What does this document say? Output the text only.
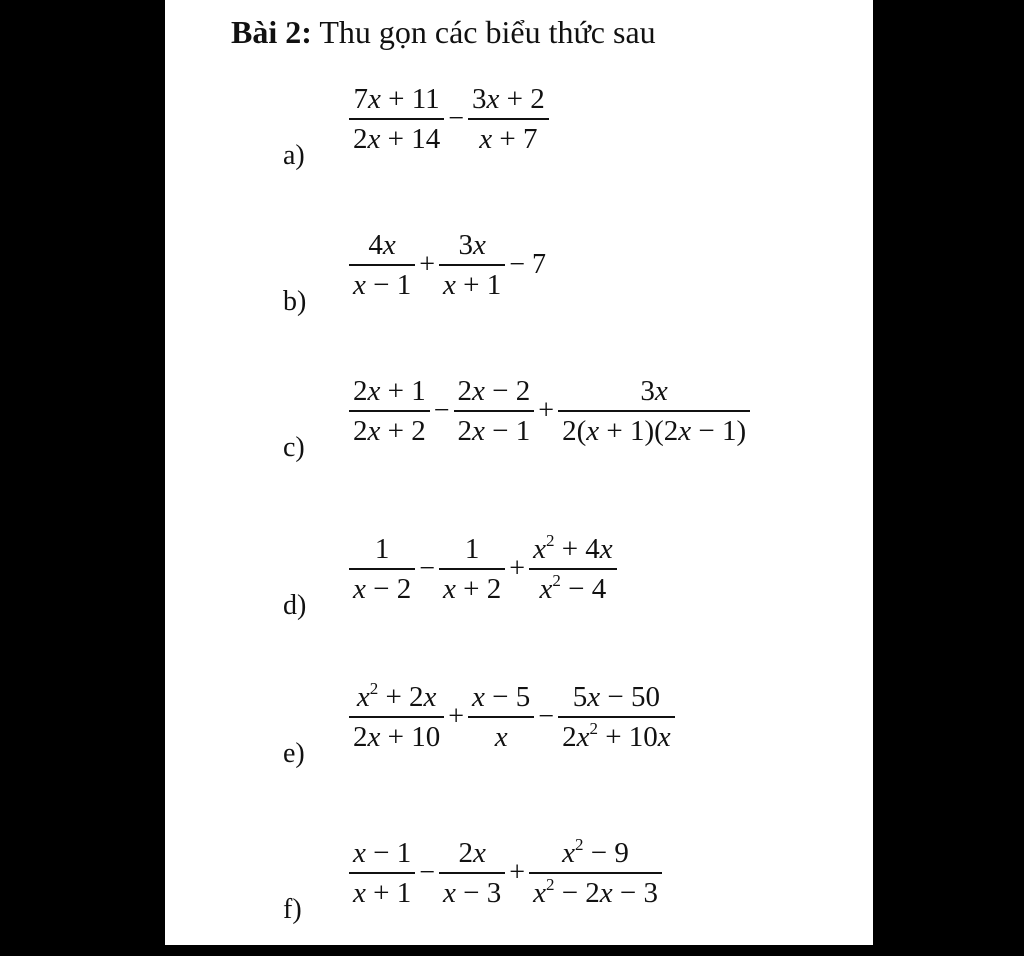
Bài 2: Thu gọn các biểu thức sau
$a) \frac{7x + 11}{2x + 14} - \frac{3x + 2}{x + 7}$
$b) \frac{4x}{x - 1} + \frac{3x}{x + 1} - 7$
$c) \frac{2x + 1}{2x + 2} - \frac{2x - 2}{2x - 1} + \frac{3x}{2(x + 1)(2x - 1)}$
$d) \frac{1}{x - 2} - \frac{1}{x + 2} + \frac{x^2 + 4x}{x^2 - 4}$
$e) \frac{x^2 + 2x}{2x + 10} + \frac{x - 5}{x} - \frac{5x - 50}{2x^2 + 10x}$
$f) \frac{x - 1}{x + 1} - \frac{2x}{x - 3} + \frac{x^2 - 9}{x^2 - 2x - 3}$
